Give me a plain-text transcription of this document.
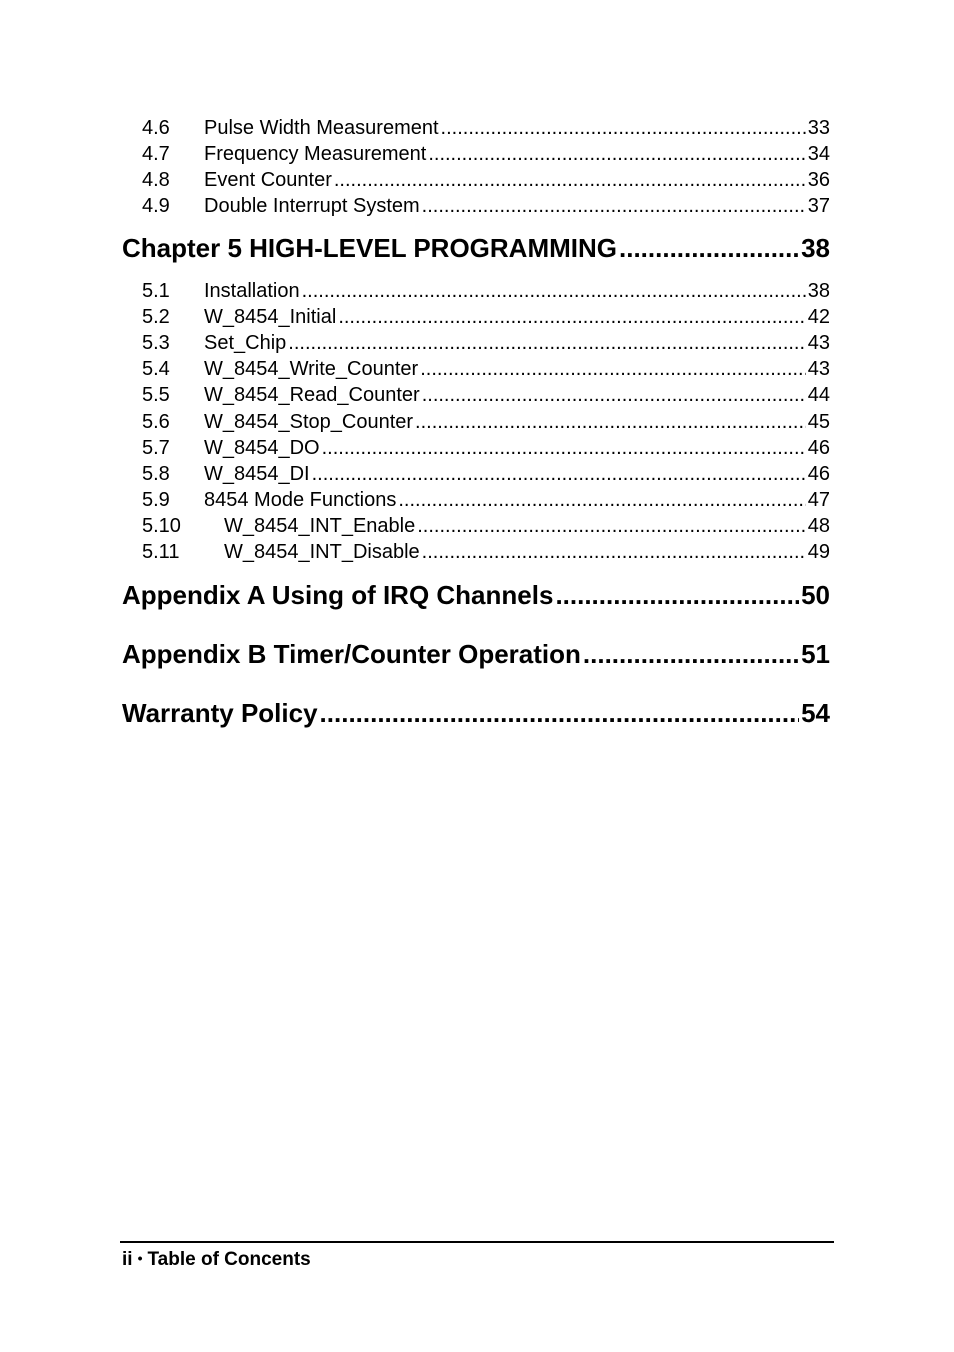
4.6	Pulse Width Measurement .....	33
4.7	Frequency Measurement .....	34
4.8	Event Counter .....	36
4.9	Double Interrupt System .....	37
Chapter 5 HIGH-LEVEL PROGRAMMING .....	38
5.1	Installation .....	38
5.2	W_8454_Initial .....	42
5.3	Set_Chip .....	43
5.4	W_8454_Write_Counter .....	43
5.5	W_8454_Read_Counter .....	44
5.6	W_8454_Stop_Counter .....	45
5.7	W_8454_DO .....	46
5.8	W_8454_DI .....	46
5.9	8454 Mode Functions .....	47
5.10	W_8454_INT_Enable .....	48
5.11	W_8454_INT_Disable .....	49
Appendix A Using of IRQ Channels .....	50
Appendix B Timer/Counter Operation .....	51
Warranty Policy .....	54
ii • Table of Concents
